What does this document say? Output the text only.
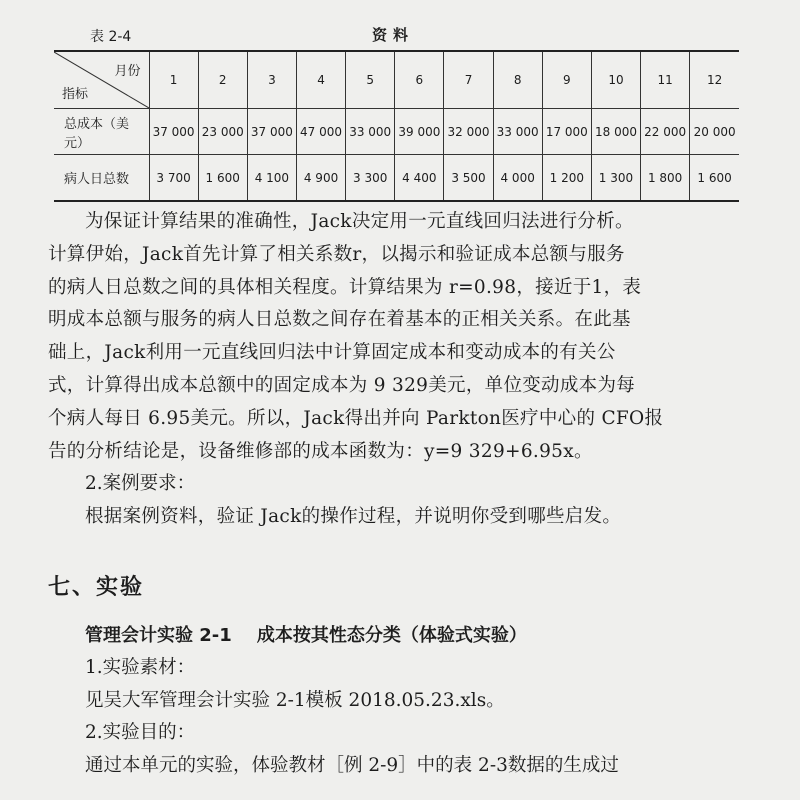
表 2-4	资料
月份
指标	1	2	3	4	5	6	7	8	9	10	11	12
总成本（美元）	37 000	23 000	37 000	47 000	33 000	39 000	32 000	33 000	17 000	18 000	22 000	20 000
病人日总数	3 700	1 600	4 100	4 900	3 300	4 400	3 500	4 000	1 200	1 300	1 800	1 600

为保证计算结果的准确性，Jack决定用一元直线回归法进行分析。

计算伊始，Jack首先计算了相关系数r，以揭示和验证成本总额与服务

的病人日总数之间的具体相关程度。计算结果为 r=0.98，接近于1，表

明成本总额与服务的病人日总数之间存在着基本的正相关关系。在此基

础上，Jack利用一元直线回归法中计算固定成本和变动成本的有关公

式，计算得出成本总额中的固定成本为 9 329美元，单位变动成本为每

个病人每日 6.95美元。所以，Jack得出并向 Parkton医疗中心的 CFO报

告的分析结论是，设备维修部的成本函数为：y=9 329+6.95x。

2.案例要求：

根据案例资料，验证 Jack的操作过程，并说明你受到哪些启发。

七、实验

管理会计实验 2-1    成本按其性态分类（体验式实验）

1.实验素材：

见吴大军管理会计实验 2-1模板 2018.05.23.xls。

2.实验目的：

通过本单元的实验，体验教材［例 2-9］中的表 2-3数据的生成过
